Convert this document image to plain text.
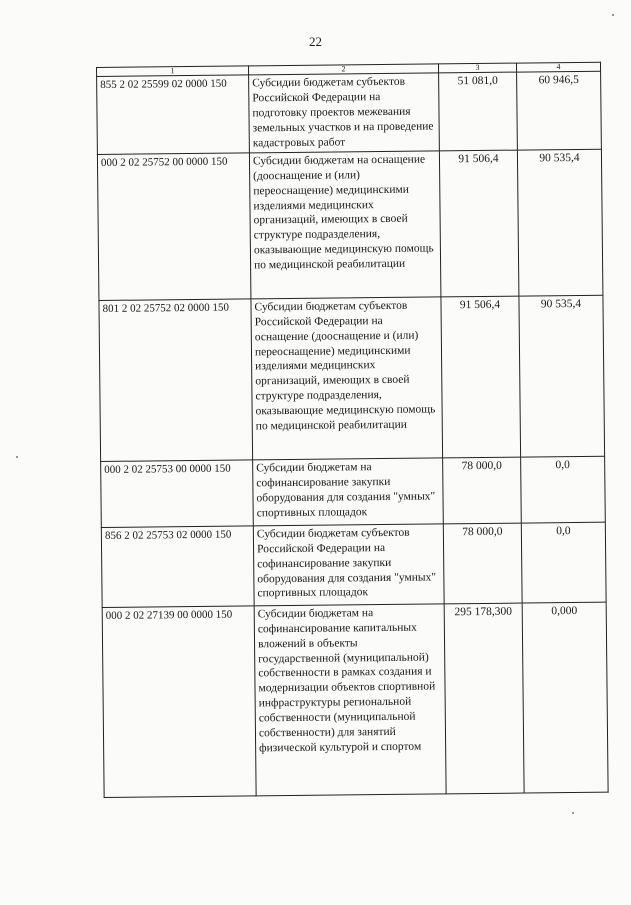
22
1	2	3	4
855 2 02 25599 02 0000 150	Субсидии бюджетам субъектов Российской Федерации на подготовку проектов межевания земельных участков и на проведение кадастровых работ	51 081,0	60 946,5
000 2 02 25752 00 0000 150	Субсидии бюджетам на оснащение (дооснащение и (или) переоснащение) медицинскими изделиями медицинских организаций, имеющих в своей структуре подразделения, оказывающие медицинскую помощь по медицинской реабилитации	91 506,4	90 535,4
801 2 02 25752 02 0000 150	Субсидии бюджетам субъектов Российской Федерации на оснащение (дооснащение и (или) переоснащение) медицинскими изделиями медицинских организаций, имеющих в своей структуре подразделения, оказывающие медицинскую помощь по медицинской реабилитации	91 506,4	90 535,4
000 2 02 25753 00 0000 150	Субсидии бюджетам на софинансирование закупки оборудования для создания "умных" спортивных площадок	78 000,0	0,0
856 2 02 25753 02 0000 150	Субсидии бюджетам субъектов Российской Федерации на софинансирование закупки оборудования для создания "умных" спортивных площадок	78 000,0	0,0
000 2 02 27139 00 0000 150	Субсидии бюджетам на софинансирование капитальных вложений в объекты государственной (муниципальной) собственности в рамках создания и модернизации объектов спортивной инфраструктуры региональной собственности (муниципальной собственности) для занятий физической культурой и спортом	295 178,300	0,000
